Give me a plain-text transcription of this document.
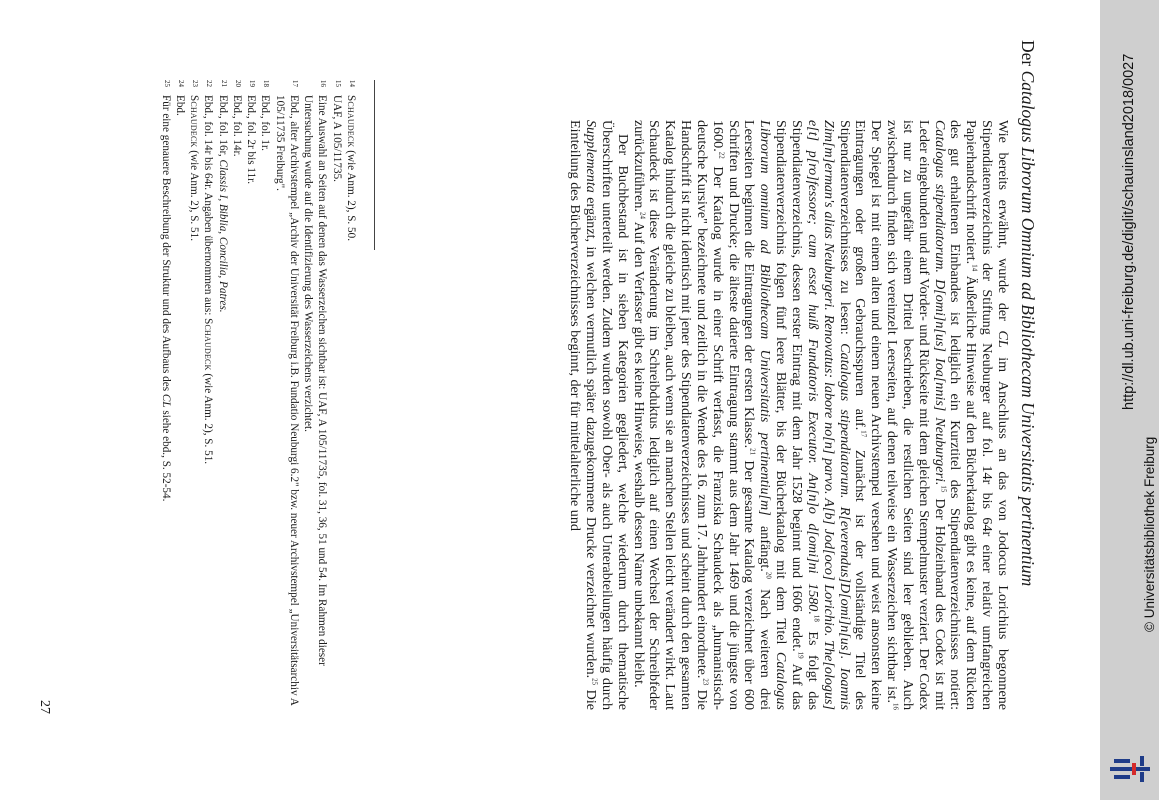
Der Catalogus Librorum Omnium ad Bibliothecam Universitatis pertinentium

Wie bereits erwähnt, wurde der CL im Anschluss an das von Jodocus Lorichius begonnene Stipendiatenverzeichnis der Stiftung Neuburger auf fol. 14r bis 64r einer relativ umfangreichen Papierhandschrift notiert.$^{14}$ Äußerliche Hinweise auf den Bücherkatalog gibt es keine, auf dem Rücken des gut erhaltenen Einbandes ist lediglich ein Kurztitel des Stipendiatenverzeichnisses notiert: Catalogus stipendiatorum. D[omi]n[us] Ioa[nnis] Neuburgeri.$^{15}$ Der Holzeinband des Codex ist mit Leder eingebunden und auf Vorder- und Rückseite mit dem gleichen Stempelmuster verziert. Der Codex ist nur zu ungefähr einem Drittel beschrieben, die restlichen Seiten sind leer geblieben. Auch zwischendurch finden sich vereinzelt Leerseiten, auf denen teilweise ein Wasserzeichen sichtbar ist.$^{16}$ Der Spiegel ist mit einem alten und einem neuen Archivstempel versehen und weist ansonsten keine Eintragungen oder großen Gebrauchsspuren auf.$^{17}$ Zunächst ist der vollständige Titel des Stipendiatenverzeichnisses zu lesen: Catalogus stipendiatorum. R[everendus]D[omi]n[us]. Ioannis Zim[m]erman's alias Neuburgeri. Renovatus: labore no[n] parvo. A[b] Jod[oco] Lorichio. The[ologus] e[t] p[ro]fessore; cum esset huiß Fundatoris Executor. An[n]o d[omi]ni 1580.18 Es folgt das Stipendiatenverzeichnis, dessen erster Eintrag mit dem Jahr 1528 beginnt und 1606 endet.$^{19}$ Auf das Stipendiatenverzeichnis folgen fünf leere Blätter, bis der Bücherkatalog mit dem Titel Catalogus Librorum omnium ad Bibliothecam Universitatis pertinentiu[m] anfängt.$^{20}$ Nach weiteren drei Leerseiten beginnen die Eintragungen der ersten Klasse.$^{21}$ Der gesamte Katalog verzeichnet über 600 Schriften und Drucke; die älteste datierte Eintragung stammt aus dem Jahr 1469 und die jüngste von 1600.22 Der Katalog wurde in einer Schrift verfasst, die Franziska Schaudeck als „humanistisch-deutsche Kursive" bezeichnete und zeitlich in die Wende des 16. zum 17. Jahrhundert einordnete.$^{23}$ Die Handschrift ist nicht identisch mit jener des Stipendiatenverzeichnisses und scheint durch den gesamten Katalog hindurch die gleiche zu bleiben, auch wenn sie an manchen Stellen leicht verändert wirkt. Laut Schaudeck ist diese Veränderung im Schreibduktus lediglich auf einen Wechsel der Schreibfeder zurückzuführen.$^{24}$ Auf den Verfasser gibt es keine Hinweise, weshalb dessen Name unbekannt bleibt.

Der Buchbestand ist in sieben Kategorien gegliedert, welche wiederum durch thematische Überschriften unterteilt werden. Zudem wurden sowohl Ober- als auch Unterabteilungen häufig durch Supplementa ergänzt, in welchen vermutlich später dazugekommene Drucke verzeichnet wurden.$^{25}$ Die Einteilung des Bücherverzeichnisses beginnt, der für mittelalterliche und

14
Schaudeck (wie Anm. 2), S. 50.
15
UAF, A 105/11735.
16
Eine Auswahl an Seiten auf denen das Wasserzeichen sichtbar ist: UAF, A 105/11735, fol. 31, 36, 51 und 54. Im Rahmen dieser Untersuchung wurde auf die Identifizierung des Wasserzeichens verzichtet.
17
Ebd., alter Archivstempel „Archiv der Universität Freiburg i.B. Fundatio Neuburgi 6.2" bzw. neuer Archivstempel „Universitätsarchiv A 105/11735 Freiburg".
18
Ebd., fol. 1r.
19
Ebd., fol. 2r bis 11r.
20
Ebd., fol. 14r.
21
Ebd., fol. 16r, Classis I, Biblia, Concilia, Patres.
22
Ebd., fol. 14r bis 64r. Angaben übernommen aus: Schaudeck (wie Anm. 2), S. 51.
23
Schaudeck (wie Anm. 2), S. 51.
24
Ebd.
25
Für eine genauere Beschreibung der Struktur und des Aufbaus des CL siehe ebd., S. 52-54.
27
http://dl.ub.uni-freiburg.de/diglit/schauinsland2018/0027
© Universitätsbibliothek Freiburg
